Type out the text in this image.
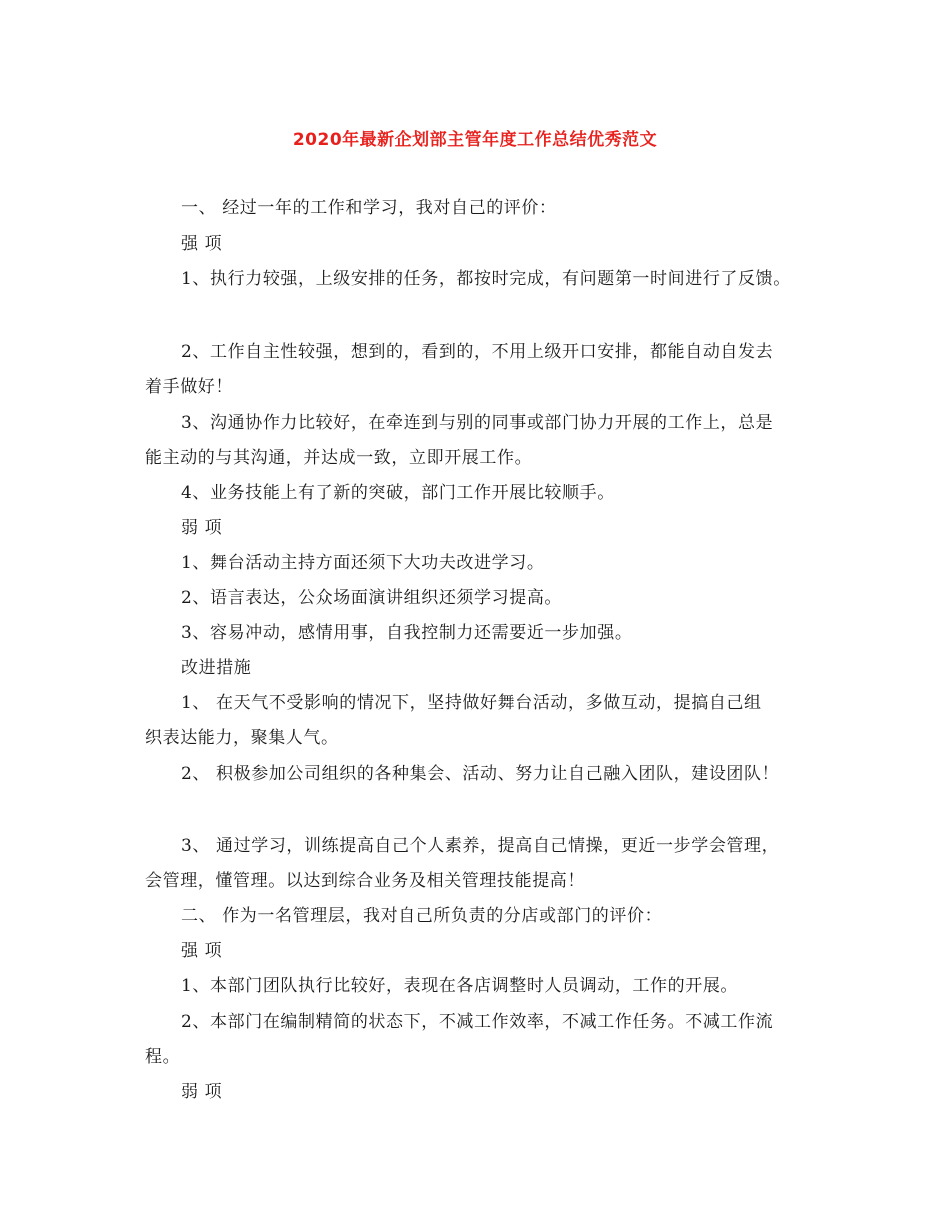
2020年最新企划部主管年度工作总结优秀范文
一、 经过一年的工作和学习，我对自己的评价：
强 项
1、执行力较强，上级安排的任务，都按时完成，有问题第一时间进行了反馈。
2、工作自主性较强，想到的，看到的，不用上级开口安排，都能自动自发去
着手做好！
3、沟通协作力比较好，在牵连到与别的同事或部门协力开展的工作上，总是
能主动的与其沟通，并达成一致，立即开展工作。
4、业务技能上有了新的突破，部门工作开展比较顺手。
弱 项
1、舞台活动主持方面还须下大功夫改进学习。
2、语言表达，公众场面演讲组织还须学习提高。
3、容易冲动，感情用事，自我控制力还需要近一步加强。
改进措施
1、 在天气不受影响的情况下，坚持做好舞台活动，多做互动，提搞自己组
织表达能力，聚集人气。
2、 积极参加公司组织的各种集会、活动、努力让自己融入团队，建设团队！
3、 通过学习，训练提高自己个人素养，提高自己情操，更近一步学会管理，
会管理，懂管理。以达到综合业务及相关管理技能提高！
二、 作为一名管理层，我对自己所负责的分店或部门的评价：
强 项
1、本部门团队执行比较好，表现在各店调整时人员调动，工作的开展。
2、本部门在编制精简的状态下，不减工作效率，不减工作任务。不减工作流
程。
弱 项
